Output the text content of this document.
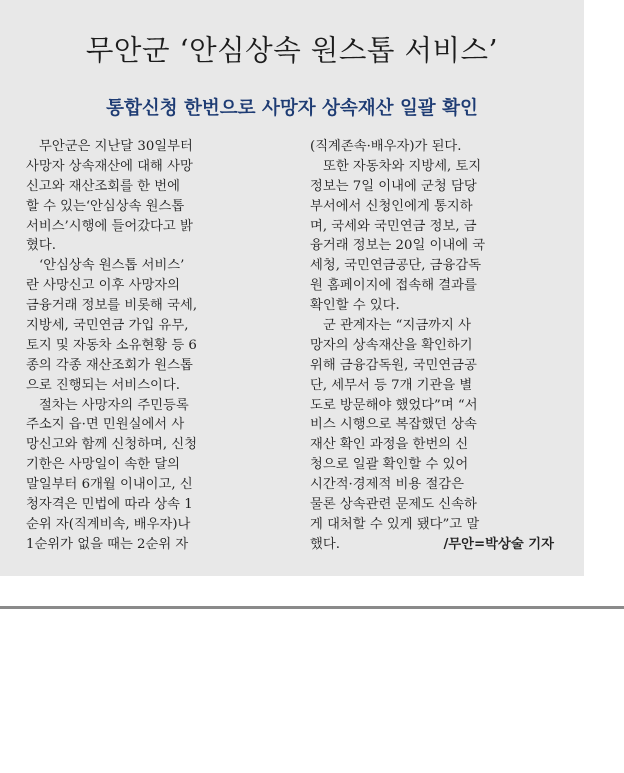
무안군 ‘안심상속 원스톱 서비스’
통합신청 한번으로 사망자 상속재산 일괄 확인
무안군은 지난달 30일부터
사망자 상속재산에 대해 사망
신고와 재산조회를 한 번에
할 수 있는‘안심상속 원스톱
서비스’시행에 들어갔다고 밝
혔다.
‘안심상속 원스톱 서비스’
란 사망신고 이후 사망자의
금융거래 정보를 비롯해 국세,
지방세, 국민연금 가입 유무,
토지 및 자동차 소유현황 등 6
종의 각종 재산조회가 원스톱
으로 진행되는 서비스이다.
절차는 사망자의 주민등록
주소지 읍·면 민원실에서 사
망신고와 함께 신청하며, 신청
기한은 사망일이 속한 달의
말일부터 6개월 이내이고, 신
청자격은 민법에 따라 상속 1
순위 자(직계비속, 배우자)나
1순위가 없을 때는 2순위 자
(직계존속·배우자)가 된다.
또한 자동차와 지방세, 토지
정보는 7일 이내에 군청 담당
부서에서 신청인에게 통지하
며, 국세와 국민연금 정보, 금
융거래 정보는 20일 이내에 국
세청, 국민연금공단, 금융감독
원 홈페이지에 접속해 결과를
확인할 수 있다.
군 관계자는 “지금까지 사
망자의 상속재산을 확인하기
위해 금융감독원, 국민연금공
단, 세무서 등 7개 기관을 별
도로 방문해야 했었다”며 “서
비스 시행으로 복잡했던 상속
재산 확인 과정을 한번의 신
청으로 일괄 확인할 수 있어
시간적·경제적 비용 절감은
물론 상속관련 문제도 신속하
게 대처할 수 있게 됐다”고 말
했다.	/무안=박상술 기자
